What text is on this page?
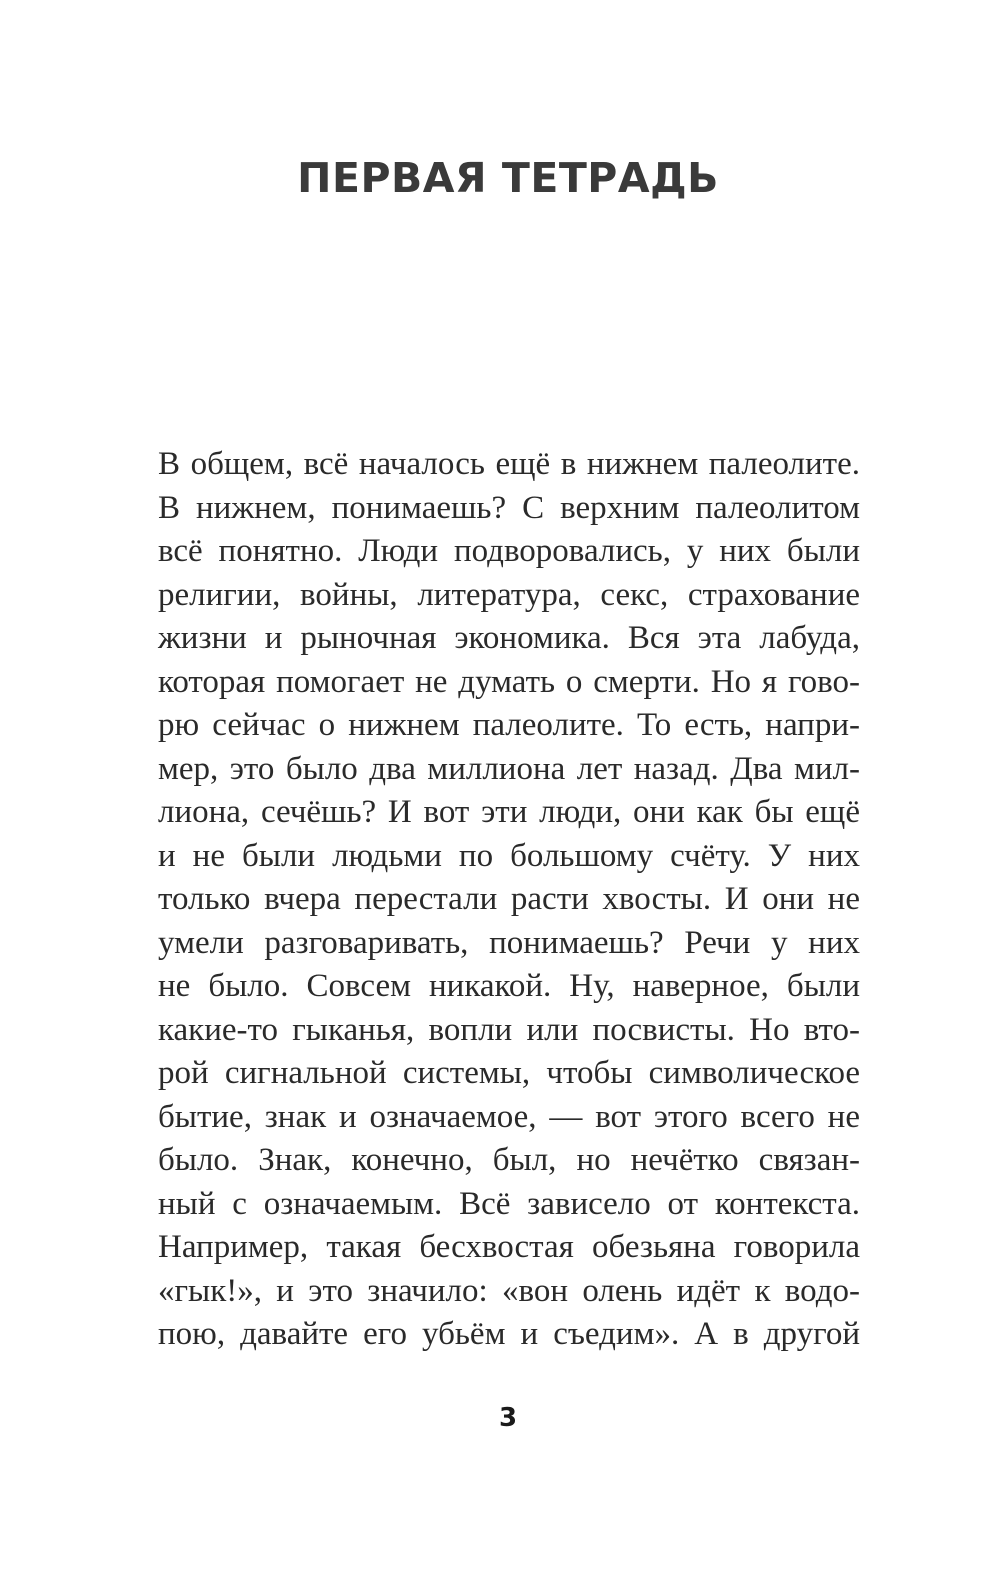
ПЕРВАЯ ТЕТРАДЬ
В общем, всё началось ещё в нижнем палеолите.
В нижнем, понимаешь? С верхним палеолитом
всё понятно. Люди подворовались, у них были
религии, войны, литература, секс, страхование
жизни и рыночная экономика. Вся эта лабуда,
которая помогает не думать о смерти. Но я гово-
рю сейчас о нижнем палеолите. То есть, напри-
мер, это было два миллиона лет назад. Два мил-
лиона, сечёшь? И вот эти люди, они как бы ещё
и не были людьми по большому счёту. У них
только вчера перестали расти хвосты. И они не
умели разговаривать, понимаешь? Речи у них
не было. Совсем никакой. Ну, наверное, были
какие-то гыканья, вопли или посвисты. Но вто-
рой сигнальной системы, чтобы символическое
бытие, знак и означаемое, — вот этого всего не
было. Знак, конечно, был, но нечётко связан-
ный с означаемым. Всё зависело от контекста.
Например, такая бесхвостая обезьяна говорила
«гык!», и это значило: «вон олень идёт к водо-
пою, давайте его убьём и съедим». А в другой
3
